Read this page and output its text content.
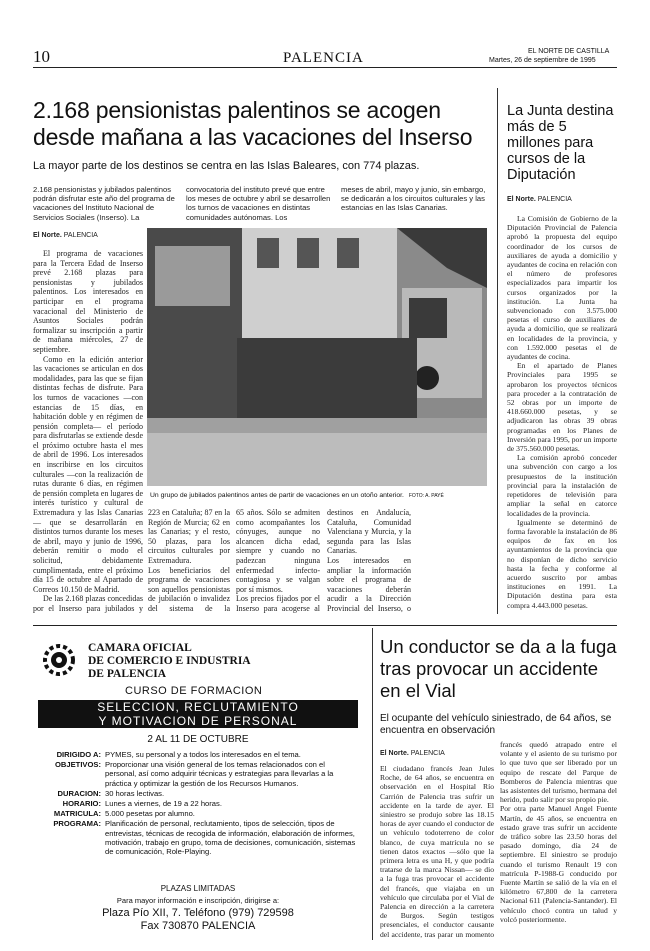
10	PALENCIA	EL NORTE DE CASTILLA
Martes, 26 de septiembre de 1995
2.168 pensionistas palentinos se acogen desde mañana a las vacaciones del Inserso
La mayor parte de los destinos se centra en las Islas Baleares, con 774 plazas.
2.168 pensionistas y jubilados palentinos podrán disfrutar este año del programa de vacaciones del Instituto Nacional de Servicios Sociales (Inserso). La
convocatoria del instituto prevé que entre los meses de octubre y abril se desarrollen los turnos de vacaciones en distintas comunidades autónomas. Los
meses de abril, mayo y junio, sin embargo, se dedicarán a los circuitos culturales y las estancias en las Islas Canarias.
El Norte. PALENCIA

El programa de vacaciones para la Tercera Edad de Inserso prevé 2.168 plazas para pensionistas y jubilados palentinos. Los interesados en participar en el programa vacacional del Ministerio de Asuntos Sociales podrán formalizar su inscripción a partir de mañana miércoles, 27 de septiembre.

Como en la edición anterior las vacaciones se articulan en dos modalidades, para las que se fijan distintas fechas de disfrute. Para los turnos de vacaciones —con estancias de 15 días, en habitación doble y en régimen de pensión completa— el período para disfrutarlas se extiende desde el próximo octubre hasta el mes de abril de 1996. Los interesados en inscribirse en los circuitos culturales —con la realización de rutas durante 6 días, en régimen de pensión completa en lugares de interés turístico y cultural de Extremadura y las Islas Canarias— que se desarrollarán en distintos turnos durante los meses de abril, mayo y junio de 1996, deberán remitir o modo el solicitud, debidamente cumplimentada, entre el próximo día 15 de octubre al Apartado de Correos 10.150 de Madrid.

De las 2.168 plazas concedidas por el Inserso para jubilados y

Un grupo de jubilados palentinos antes de partir de vacaciones en un otoño anterior. FOTO: A. PAYÉ
223 en Cataluña; 87 en la Región de Murcia; 62 en las Canarias; y el resto, 50 plazas, para los circuitos culturales por Extremadura.
Los beneficiarios del programa de vacaciones son aquellos pensionistas de jubilación o invalidez del sistema de la
65 años. Sólo se admiten como acompañantes los cónyuges, aunque no alcancen dicha edad, siempre y cuando no padezcan ninguna enfermedad infecto-contagiosa y se valgan por sí mismos.
Los precios fijados por el Inserso para acogerse al
destinos en Andalucía, Cataluña, Comunidad Valenciana y Murcia, y la segunda para las Islas Canarias.
Los interesados en ampliar la información sobre el programa de vacaciones deberán acudir a la Dirección Provincial del Inserso, o
La Junta destina más de 5 millones para cursos de la Diputación
El Norte. PALENCIA

La Comisión de Gobierno de la Diputación Provincial de Palencia aprobó la propuesta del equipo coordinador de los cursos de auxiliares de ayuda a domicilio y ayudantes de cocina en relación con el número de profesores especializados para impartir los cursos organizados por la institución. La Junta ha subvencionado con 3.575.000 pesetas el curso de auxiliares de ayuda a domicilio, que se realizará en localidades de la provincia, y con 1.592.000 pesetas el de ayudantes de cocina.

En el apartado de Planes Provinciales para 1995 se aprobaron los proyectos técnicos para proceder a la contratación de 52 obras por un importe de 418.660.000 pesetas, y se adjudicaron las obras 39 obras programadas en los Planes de Inversión para 1995, por un importe de 375.560.000 pesetas.

La comisión aprobó conceder una subvención con cargo a los presupuestos de la institución provincial para la instalación de repetidores de televisión para ampliar la señal en catorce localidades de la provincia.

Igualmente se determinó de forma favorable la instalación de 86 equipos de fax en los ayuntamientos de la provincia que no disponían de dicho servicio hasta la fecha y conforme al acuerdo suscrito por ambas instituciones en 1991. La Diputación destina para esta compra 4.443.000 pesetas.

CAMARA OFICIAL
DE COMERCIO E INDUSTRIA
DE PALENCIA
CURSO DE FORMACION
SELECCION, RECLUTAMIENTO
Y MOTIVACION DE PERSONAL
2 AL 11 DE OCTUBRE
DIRIGIDO A: PYMES, su personal y a todos los interesados en el tema.
OBJETIVOS: Proporcionar una visión general de los temas relacionados con el personal, así como adquirir técnicas y estrategias para llevarlas a la práctica y optimizar la gestión de los Recursos Humanos.
DURACION: 30 horas lectivas.
HORARIO: Lunes a viernes, de 19 a 22 horas.
MATRICULA: 5.000 pesetas por alumno.
PROGRAMA: Planificación de personal, reclutamiento, tipos de selección, tipos de entrevistas, técnicas de recogida de información, elaboración de informes, motivación, trabajo en grupo, toma de decisiones, comunicación, sistemas de comunicación, Role-Playing.
PLAZAS LIMITADAS
Para mayor información e inscripción, dirigirse a:
Plaza Pío XII, 7. Teléfono (979) 729598
Fax 730870 PALENCIA
Un conductor se da a la fuga tras provocar un accidente en el Vial
El ocupante del vehículo siniestrado, de 64 años, se encuentra en observación
El Norte. PALENCIA
El ciudadano francés Jean Jules Roche, de 64 años, se encuentra en observación en el Hospital Río Carrión de Palencia tras sufrir un accidente en la tarde de ayer. El siniestro se produjo sobre las 18.15 horas de ayer cuando el conductor de un vehículo todoterreno de color blanco, de cuya matrícula no se tienen datos exactos —sólo que la primera letra es una H, y que podría tratarse de la marca Nissan— se dio a la fuga tras provocar el accidente del francés, que viajaba en un vehículo que circulaba por el Vial de Palencia en dirección a la carretera de Burgos. Según testigos presenciales, el conductor causante del accidente, tras parar un momento
francés quedó atrapado entre el volante y el asiento de su turismo por lo que tuvo que ser liberado por un equipo de rescate del Parque de Bomberos de Palencia mientras que las asistentes del turismo, hermana del herido, pudo salir por su propio pie.
Por otra parte Manuel Angel Fuente Martín, de 45 años, se encuentra en estado grave tras sufrir un accidente de tráfico sobre las 23.50 horas del pasado domingo, día 24 de septiembre. El siniestro se produjo cuando el turismo Renault 19 con matrícula P-1988-G conducido por Fuente Martín se salió de la vía en el kilómetro 67,800 de la carretera Nacional 611 (Palencia-Santander). El vehículo chocó contra un talud y volcó posteriormente.
